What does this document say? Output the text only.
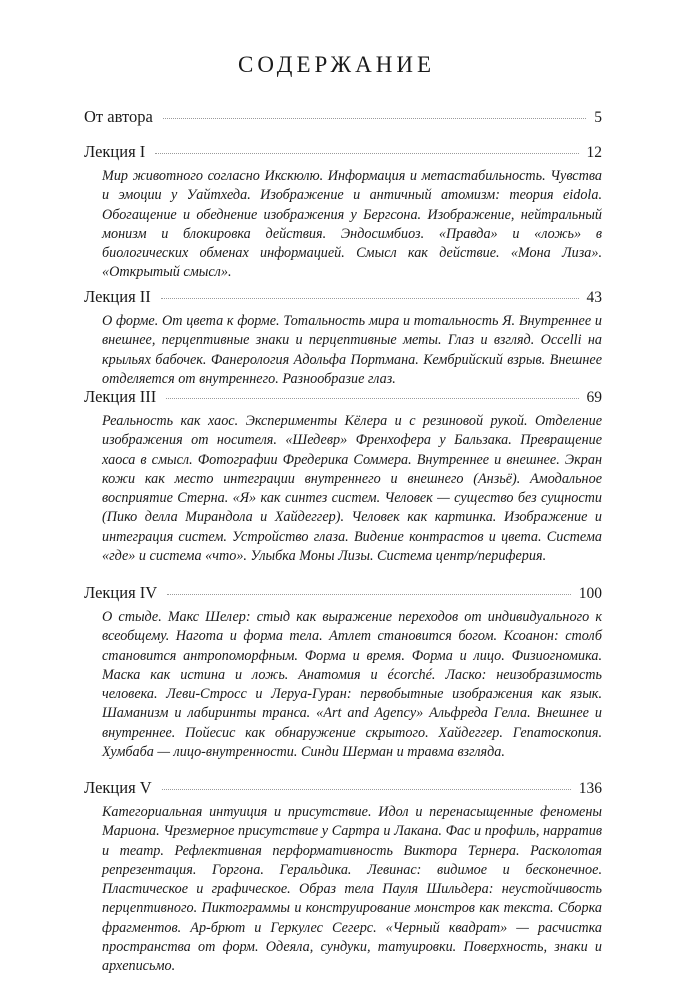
СОДЕРЖАНИЕ
От автора	5
Лекция I	12

Мир животного согласно Икскюлю. Информация и метастабильность. Чувства и эмоции у Уайтхеда. Изображение и античный атомизм: теория eidola. Обогащение и обеднение изображения у Бергсона. Изображение, нейтральный монизм и блокировка действия. Эндосимбиоз. «Правда» и «ложь» в биологических обменах информацией. Смысл как действие. «Мона Лиза». «Открытый смысл».

Лекция II	43

О форме. От цвета к форме. Тотальность мира и тотальность Я. Внутреннее и внешнее, перцептивные знаки и перцептивные меты. Глаз и взгляд. Occelli на крыльях бабочек. Фанерология Адольфа Портмана. Кембрийский взрыв. Внешнее отделяется от внутреннего. Разнообразие глаз.

Лекция III	69

Реальность как хаос. Эксперименты Кёлера и с резиновой рукой. Отделение изображения от носителя. «Шедевр» Френхофера у Бальзака. Превращение хаоса в смысл. Фотографии Фредерика Соммера. Внутреннее и внешнее. Экран кожи как место интеграции внутреннего и внешнего (Анзьё). Амодальное восприятие Стерна. «Я» как синтез систем. Человек — существо без сущности (Пико делла Мирандола и Хайдеггер). Человек как картинка. Изображение и интеграция систем. Устройство глаза. Видение контрастов и цвета. Система «где» и система «что». Улыбка Моны Лизы. Система центр/периферия.

Лекция IV	100

О стыде. Макс Шелер: стыд как выражение переходов от индивидуального к всеобщему. Нагота и форма тела. Атлет становится богом. Ксоанон: столб становится антропоморфным. Форма и время. Форма и лицо. Физиогномика. Маска как истина и ложь. Анатомия и écorché. Ласко: неизобразимость человека. Леви-Стросс и Леруа-Гуран: первобытные изображения как язык. Шаманизм и лабиринты транса. «Art and Agency» Альфреда Гелла. Внешнее и внутреннее. Пойесис как обнаружение скрытого. Хайдеггер. Гепатоскопия. Хумбаба — лицо-внутренности. Синди Шерман и травма взгляда.

Лекция V	136

Категориальная интуиция и присутствие. Идол и перенасыщенные феномены Мариона. Чрезмерное присутствие у Сартра и Лакана. Фас и профиль, нарратив и театр. Рефлективная перформативность Виктора Тернера. Расколотая репрезентация. Горгона. Геральдика. Левинас: видимое и бесконечное. Пластическое и графическое. Образ тела Пауля Шильдера: неустойчивость перцептивного. Пиктограммы и конструирование монстров как текста. Сборка фрагментов. Ар-брют и Геркулес Сегерс. «Черный квадрат» — расчистка пространства от форм. Одеяла, сундуки, татуировки. Поверхность, знаки и археписьмо.
